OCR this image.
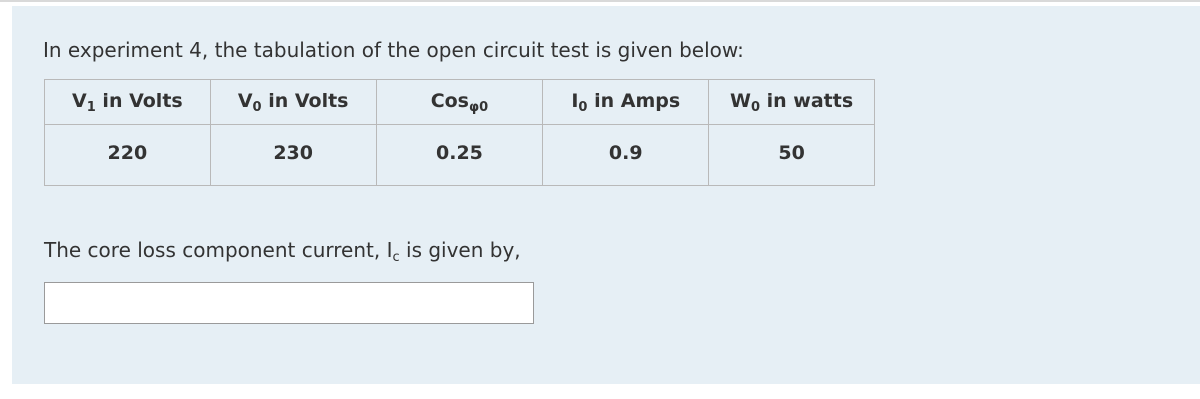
In experiment 4, the tabulation of the open circuit test is given below:
$V_1$ in Volts	$V_0$ in Volts	Cos$_{\varphi 0}$	$I_0$ in Amps	$W_0$ in watts
220	230	0.25	0.9	50
The core loss component current, $I_c$ is given by,
